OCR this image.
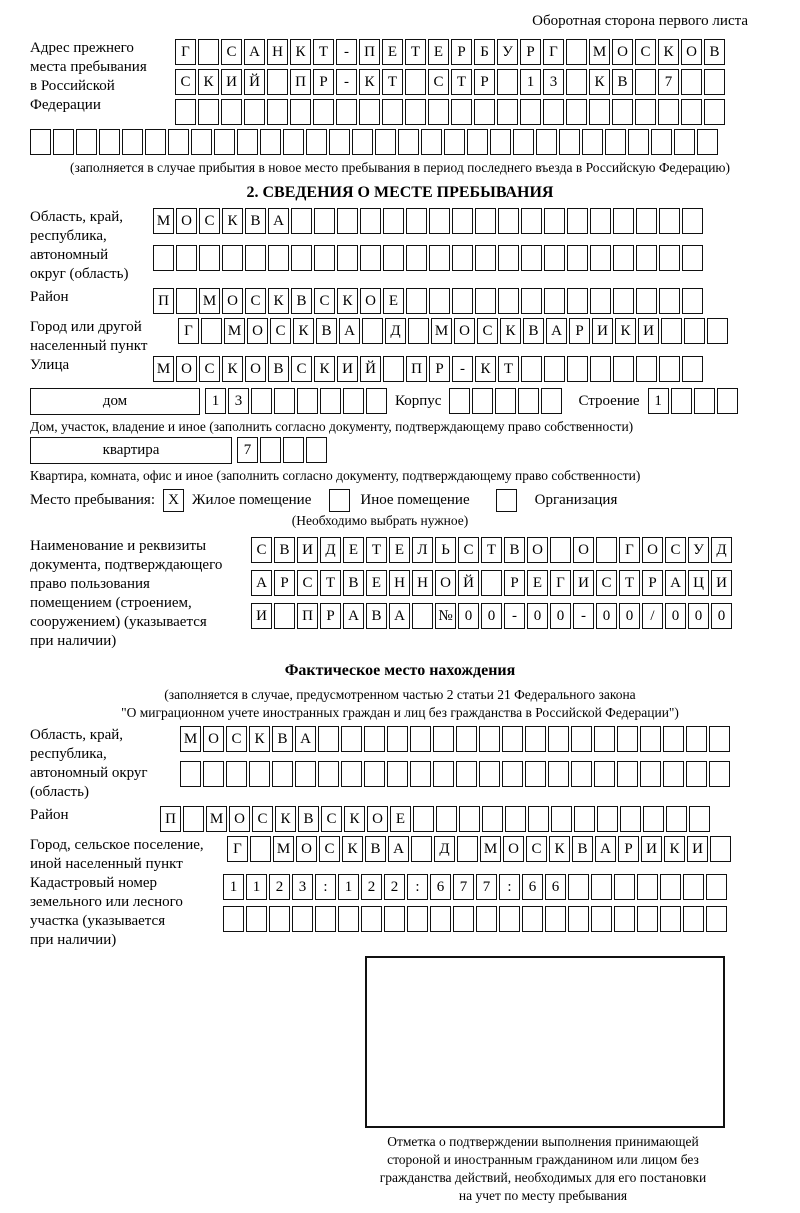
Оборотная сторона первого листа
Адрес прежнего
места пребывания
в Российской
Федерации
Г С А Н К Т - П Е Т Е Р Б У Р Г М О С К О В
С К И Й П Р - К Т С Т Р	1 3 К В 7
(заполняется в случае прибытия в новое место пребывания в период последнего въезда в Российскую Федерацию)
2. СВЕДЕНИЯ О МЕСТЕ ПРЕБЫВАНИЯ
Область, край,
республика,
автономный
округ (область)
М О С К В А
Район	П М О С К В С К О Е
Город или другой
населенный пункт
Г М О С К В А Д М О С К В А Р И К И
Улица	М О С К О В С К И Й П Р - К Т
дом	1 3	Корпус	Строение 1
Дом, участок, владение и иное (заполнить согласно документу, подтверждающему право собственности)
квартира	7
Квартира, комната, офис и иное (заполнить согласно документу, подтверждающему право собственности)
Место пребывания: X Жилое помещение	Иное помещение	Организация
(Необходимо выбрать нужное)
Наименование и реквизиты
документа, подтверждающего
право пользования
помещением (строением,
сооружением) (указывается
при наличии)
С В И Д Е Т Е Л Ь С Т В О О Г О С У Д
А Р С Т В Е Н Н О Й Р Е Г И С Т Р А Ц И
И П Р А В А № 0 0 - 0 0 - 0 0 / 0 0 0
Фактическое место нахождения
(заполняется в случае, предусмотренном частью 2 статьи 21 Федерального закона
"О миграционном учете иностранных граждан и лиц без гражданства в Российской Федерации")
Область, край,
республика,
автономный округ
(область)
М О С К В А
Район	П М О С К В С К О Е
Город, сельское поселение,
иной населенный пункт
Г М О С К В А Д М О С К В А Р И К И
Кадастровый номер
земельного или лесного
участка (указывается
при наличии)
1 1 2 3 : 1 2 2 : 6 7 7 : 6 6
Отметка о подтверждении выполнения принимающей
стороной и иностранным гражданином или лицом без
гражданства действий, необходимых для его постановки
на учет по месту пребывания
